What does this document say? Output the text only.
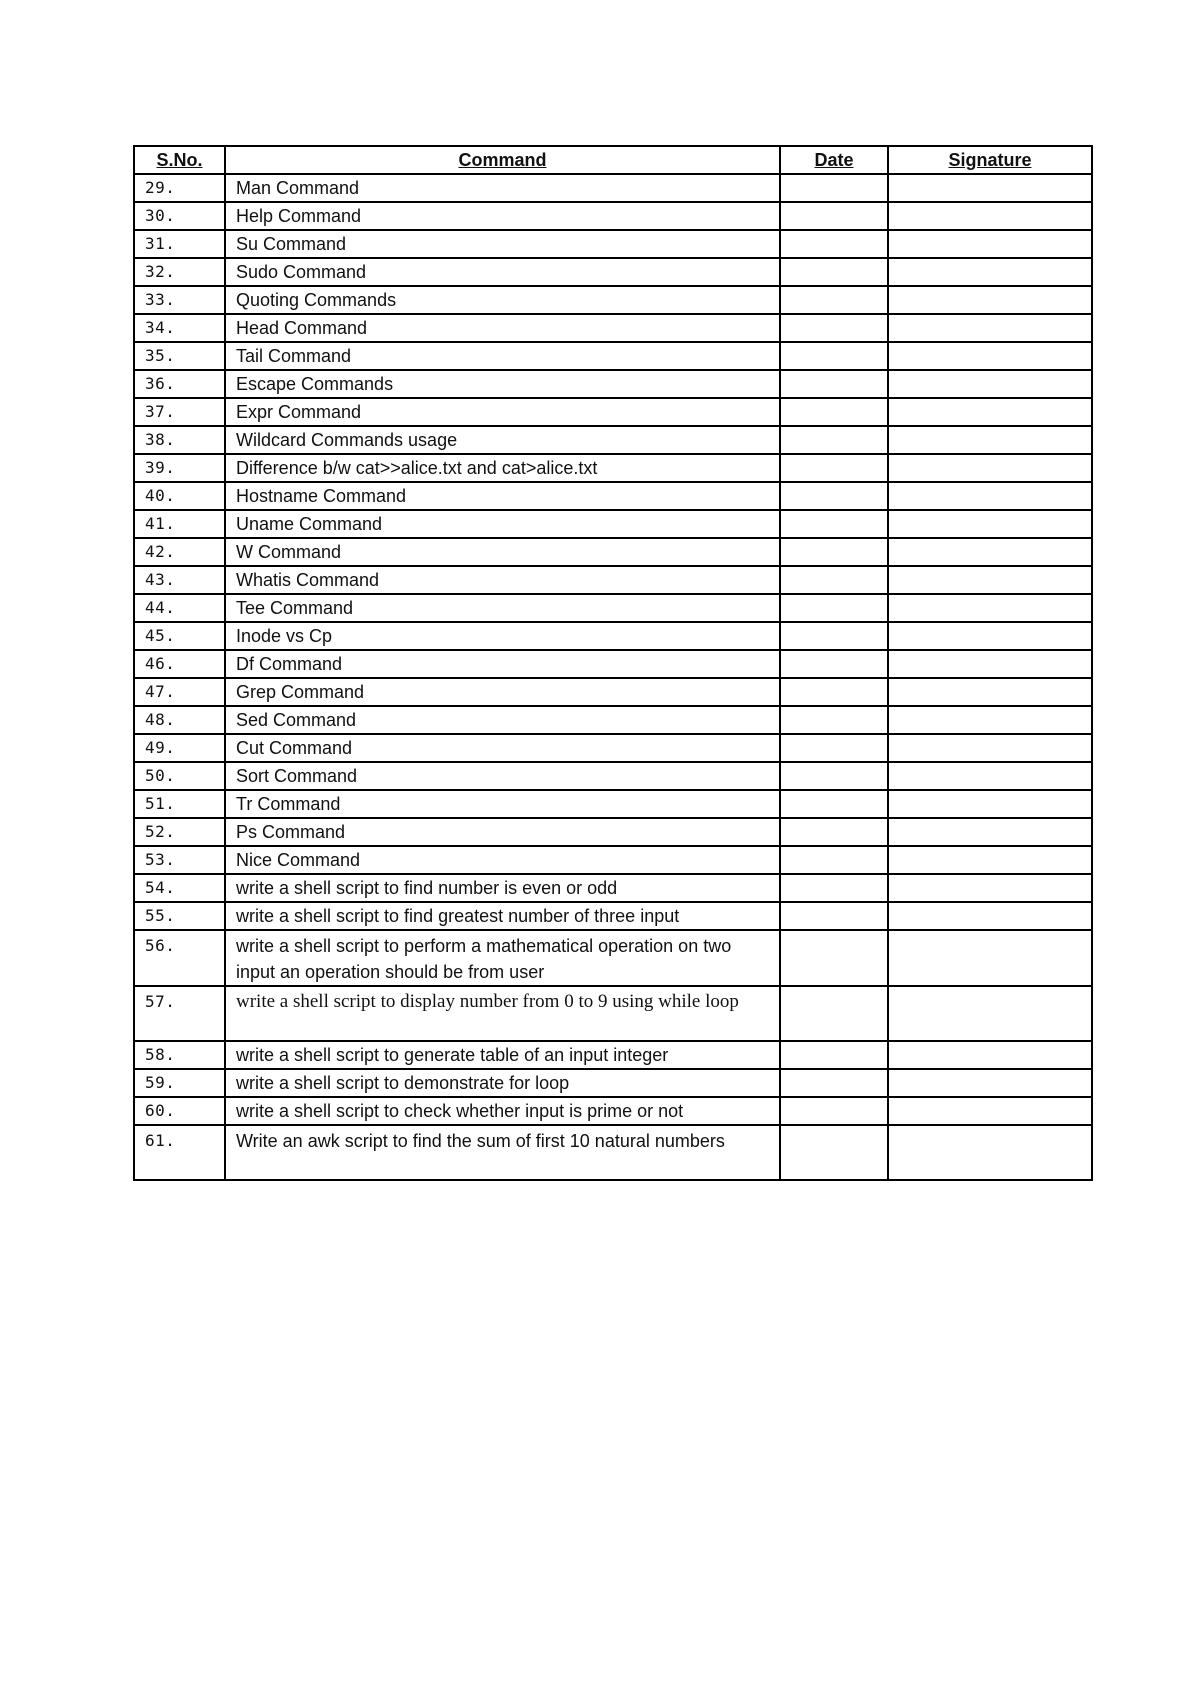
S.No.	Command	Date	Signature
29.	Man Command		
30.	Help Command		
31.	Su Command		
32.	Sudo Command		
33.	Quoting Commands		
34.	Head Command		
35.	Tail Command		
36.	Escape Commands		
37.	Expr Command		
38.	Wildcard Commands usage		
39.	Difference b/w cat>>alice.txt and cat>alice.txt		
40.	Hostname Command		
41.	Uname Command		
42.	W Command		
43.	Whatis Command		
44.	Tee Command		
45.	Inode vs Cp		
46.	Df Command		
47.	Grep Command		
48.	Sed Command		
49.	Cut Command		
50.	Sort Command		
51.	Tr Command		
52.	Ps Command		
53.	Nice Command		
54.	write a shell script to find number is even or odd		
55.	write a shell script to find greatest number of three input		
56.	write a shell script to perform a mathematical operation on two input an operation should be from user		
57.	write a shell script to display number from 0 to 9 using while loop		
58.	write a shell script to generate table of an input integer		
59.	write a shell script to demonstrate for loop		
60.	write a shell script to check whether input is prime or not		
61.	Write an awk script to find the sum of first 10 natural numbers		
